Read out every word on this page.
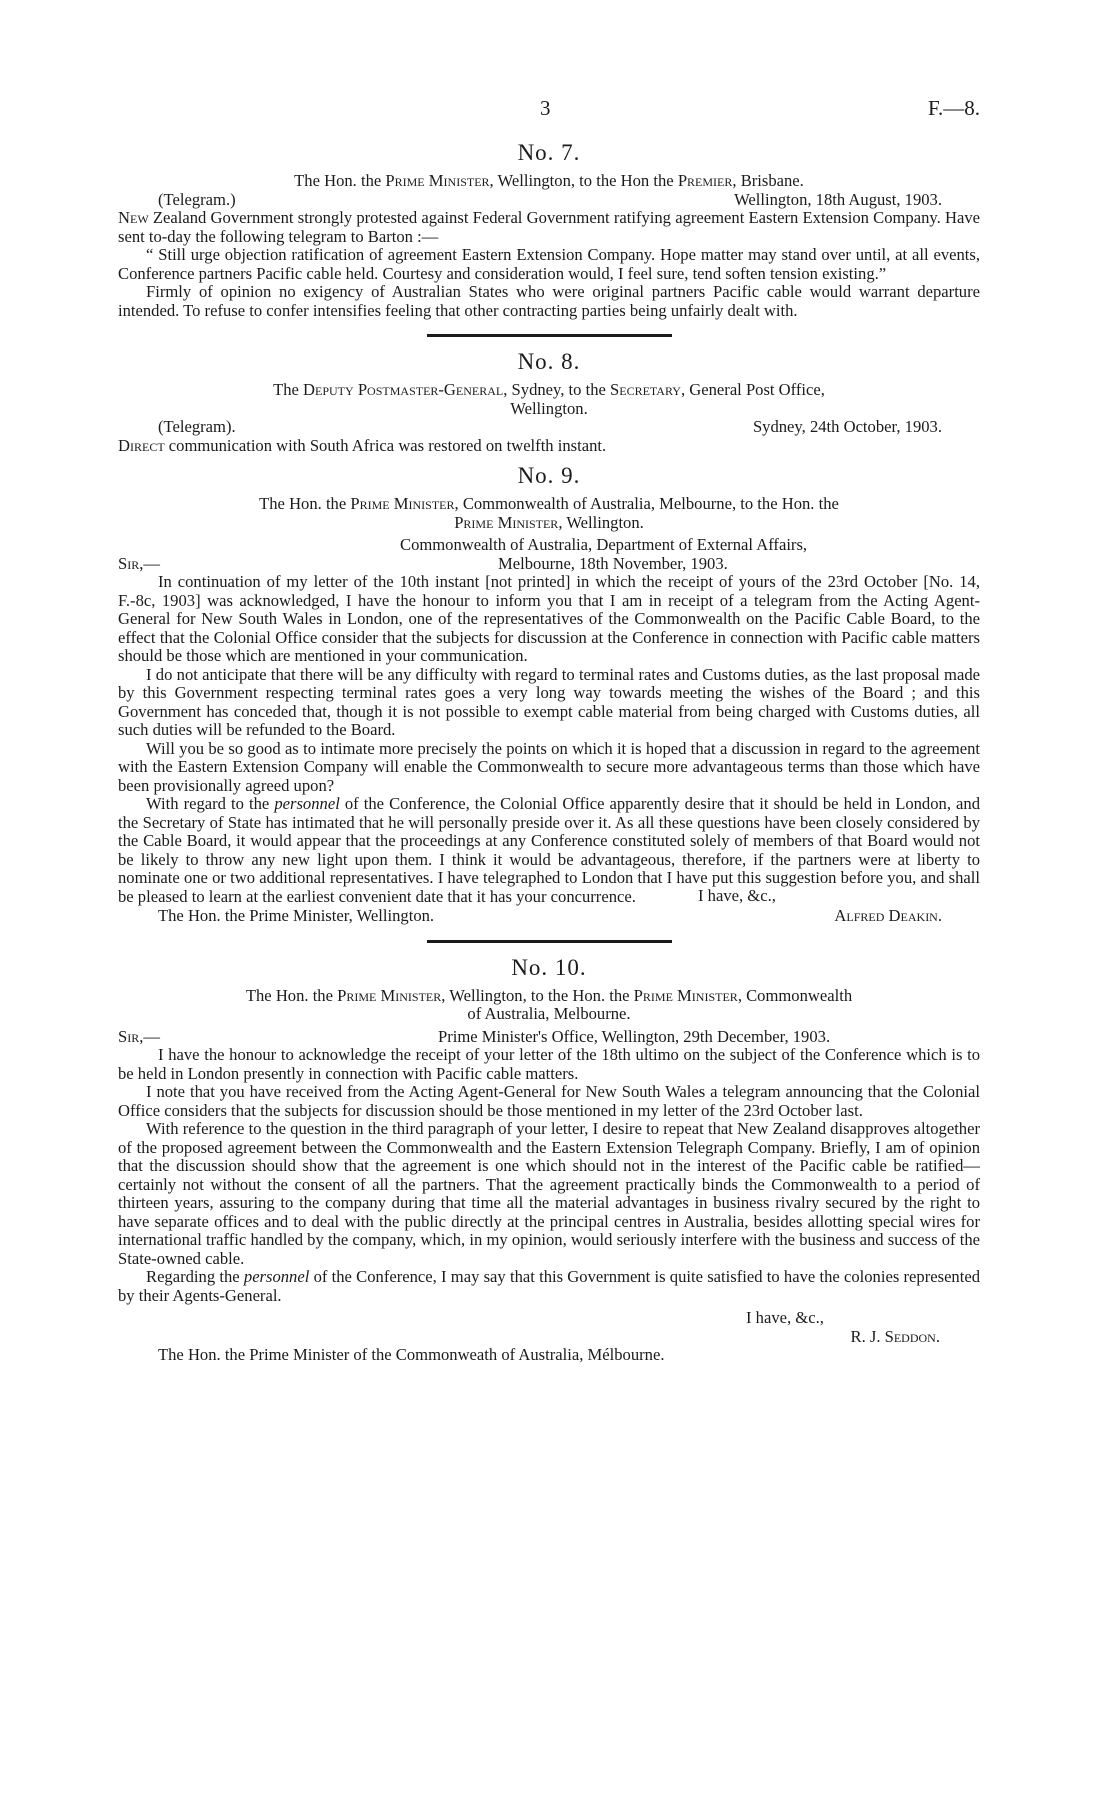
3	F.—8.
No. 7.
The Hon. the Prime Minister, Wellington, to the Hon the Premier, Brisbane.
(Telegram.)	Wellington, 18th August, 1903.

New Zealand Government strongly protested against Federal Government ratifying agreement Eastern Extension Company. Have sent to-day the following telegram to Barton :—

“ Still urge objection ratification of agreement Eastern Extension Company. Hope matter may stand over until, at all events, Conference partners Pacific cable held. Courtesy and consideration would, I feel sure, tend soften tension existing.”

Firmly of opinion no exigency of Australian States who were original partners Pacific cable would warrant departure intended. To refuse to confer intensifies feeling that other contracting parties being unfairly dealt with.

No. 8.
The Deputy Postmaster-General, Sydney, to the Secretary, General Post Office,
Wellington.
(Telegram).	Sydney, 24th October, 1903.

Direct communication with South Africa was restored on twelfth instant.

No. 9.
The Hon. the Prime Minister, Commonwealth of Australia, Melbourne, to the Hon. the
Prime Minister, Wellington.
Commonwealth of Australia, Department of External Affairs,
Sir,—	Melbourne, 18th November, 1903.

In continuation of my letter of the 10th instant [not printed] in which the receipt of yours of the 23rd October [No. 14, F.-8c, 1903] was acknowledged, I have the honour to inform you that I am in receipt of a telegram from the Acting Agent-General for New South Wales in London, one of the representatives of the Commonwealth on the Pacific Cable Board, to the effect that the Colonial Office consider that the subjects for discussion at the Conference in connection with Pacific cable matters should be those which are mentioned in your communication.

I do not anticipate that there will be any difficulty with regard to terminal rates and Customs duties, as the last proposal made by this Government respecting terminal rates goes a very long way towards meeting the wishes of the Board ; and this Government has conceded that, though it is not possible to exempt cable material from being charged with Customs duties, all such duties will be refunded to the Board.

Will you be so good as to intimate more precisely the points on which it is hoped that a discussion in regard to the agreement with the Eastern Extension Company will enable the Commonwealth to secure more advantageous terms than those which have been provisionally agreed upon?

With regard to the personnel of the Conference, the Colonial Office apparently desire that it should be held in London, and the Secretary of State has intimated that he will personally preside over it. As all these questions have been closely considered by the Cable Board, it would appear that the proceedings at any Conference constituted solely of members of that Board would not be likely to throw any new light upon them. I think it would be advantageous, therefore, if the partners were at liberty to nominate one or two additional representatives. I have telegraphed to London that I have put this suggestion before you, and shall be pleased to learn at the earliest convenient date that it has your concurrence.	I have, &c.,
The Hon. the Prime Minister, Wellington.	Alfred Deakin.
No. 10.
The Hon. the Prime Minister, Wellington, to the Hon. the Prime Minister, Commonwealth
of Australia, Melbourne.
Sir,—	Prime Minister's Office, Wellington, 29th December, 1903.

I have the honour to acknowledge the receipt of your letter of the 18th ultimo on the subject of the Conference which is to be held in London presently in connection with Pacific cable matters.

I note that you have received from the Acting Agent-General for New South Wales a telegram announcing that the Colonial Office considers that the subjects for discussion should be those mentioned in my letter of the 23rd October last.

With reference to the question in the third paragraph of your letter, I desire to repeat that New Zealand disapproves altogether of the proposed agreement between the Commonwealth and the Eastern Extension Telegraph Company. Briefly, I am of opinion that the discussion should show that the agreement is one which should not in the interest of the Pacific cable be ratified—certainly not without the consent of all the partners. That the agreement practically binds the Commonwealth to a period of thirteen years, assuring to the company during that time all the material advantages in business rivalry secured by the right to have separate offices and to deal with the public directly at the principal centres in Australia, besides allotting special wires for international traffic handled by the company, which, in my opinion, would seriously interfere with the business and success of the State-owned cable.

Regarding the personnel of the Conference, I may say that this Government is quite satisfied to have the colonies represented by their Agents-General.

I have, &c.,
R. J. Seddon.
The Hon. the Prime Minister of the Commonweath of Australia, Mélbourne.
